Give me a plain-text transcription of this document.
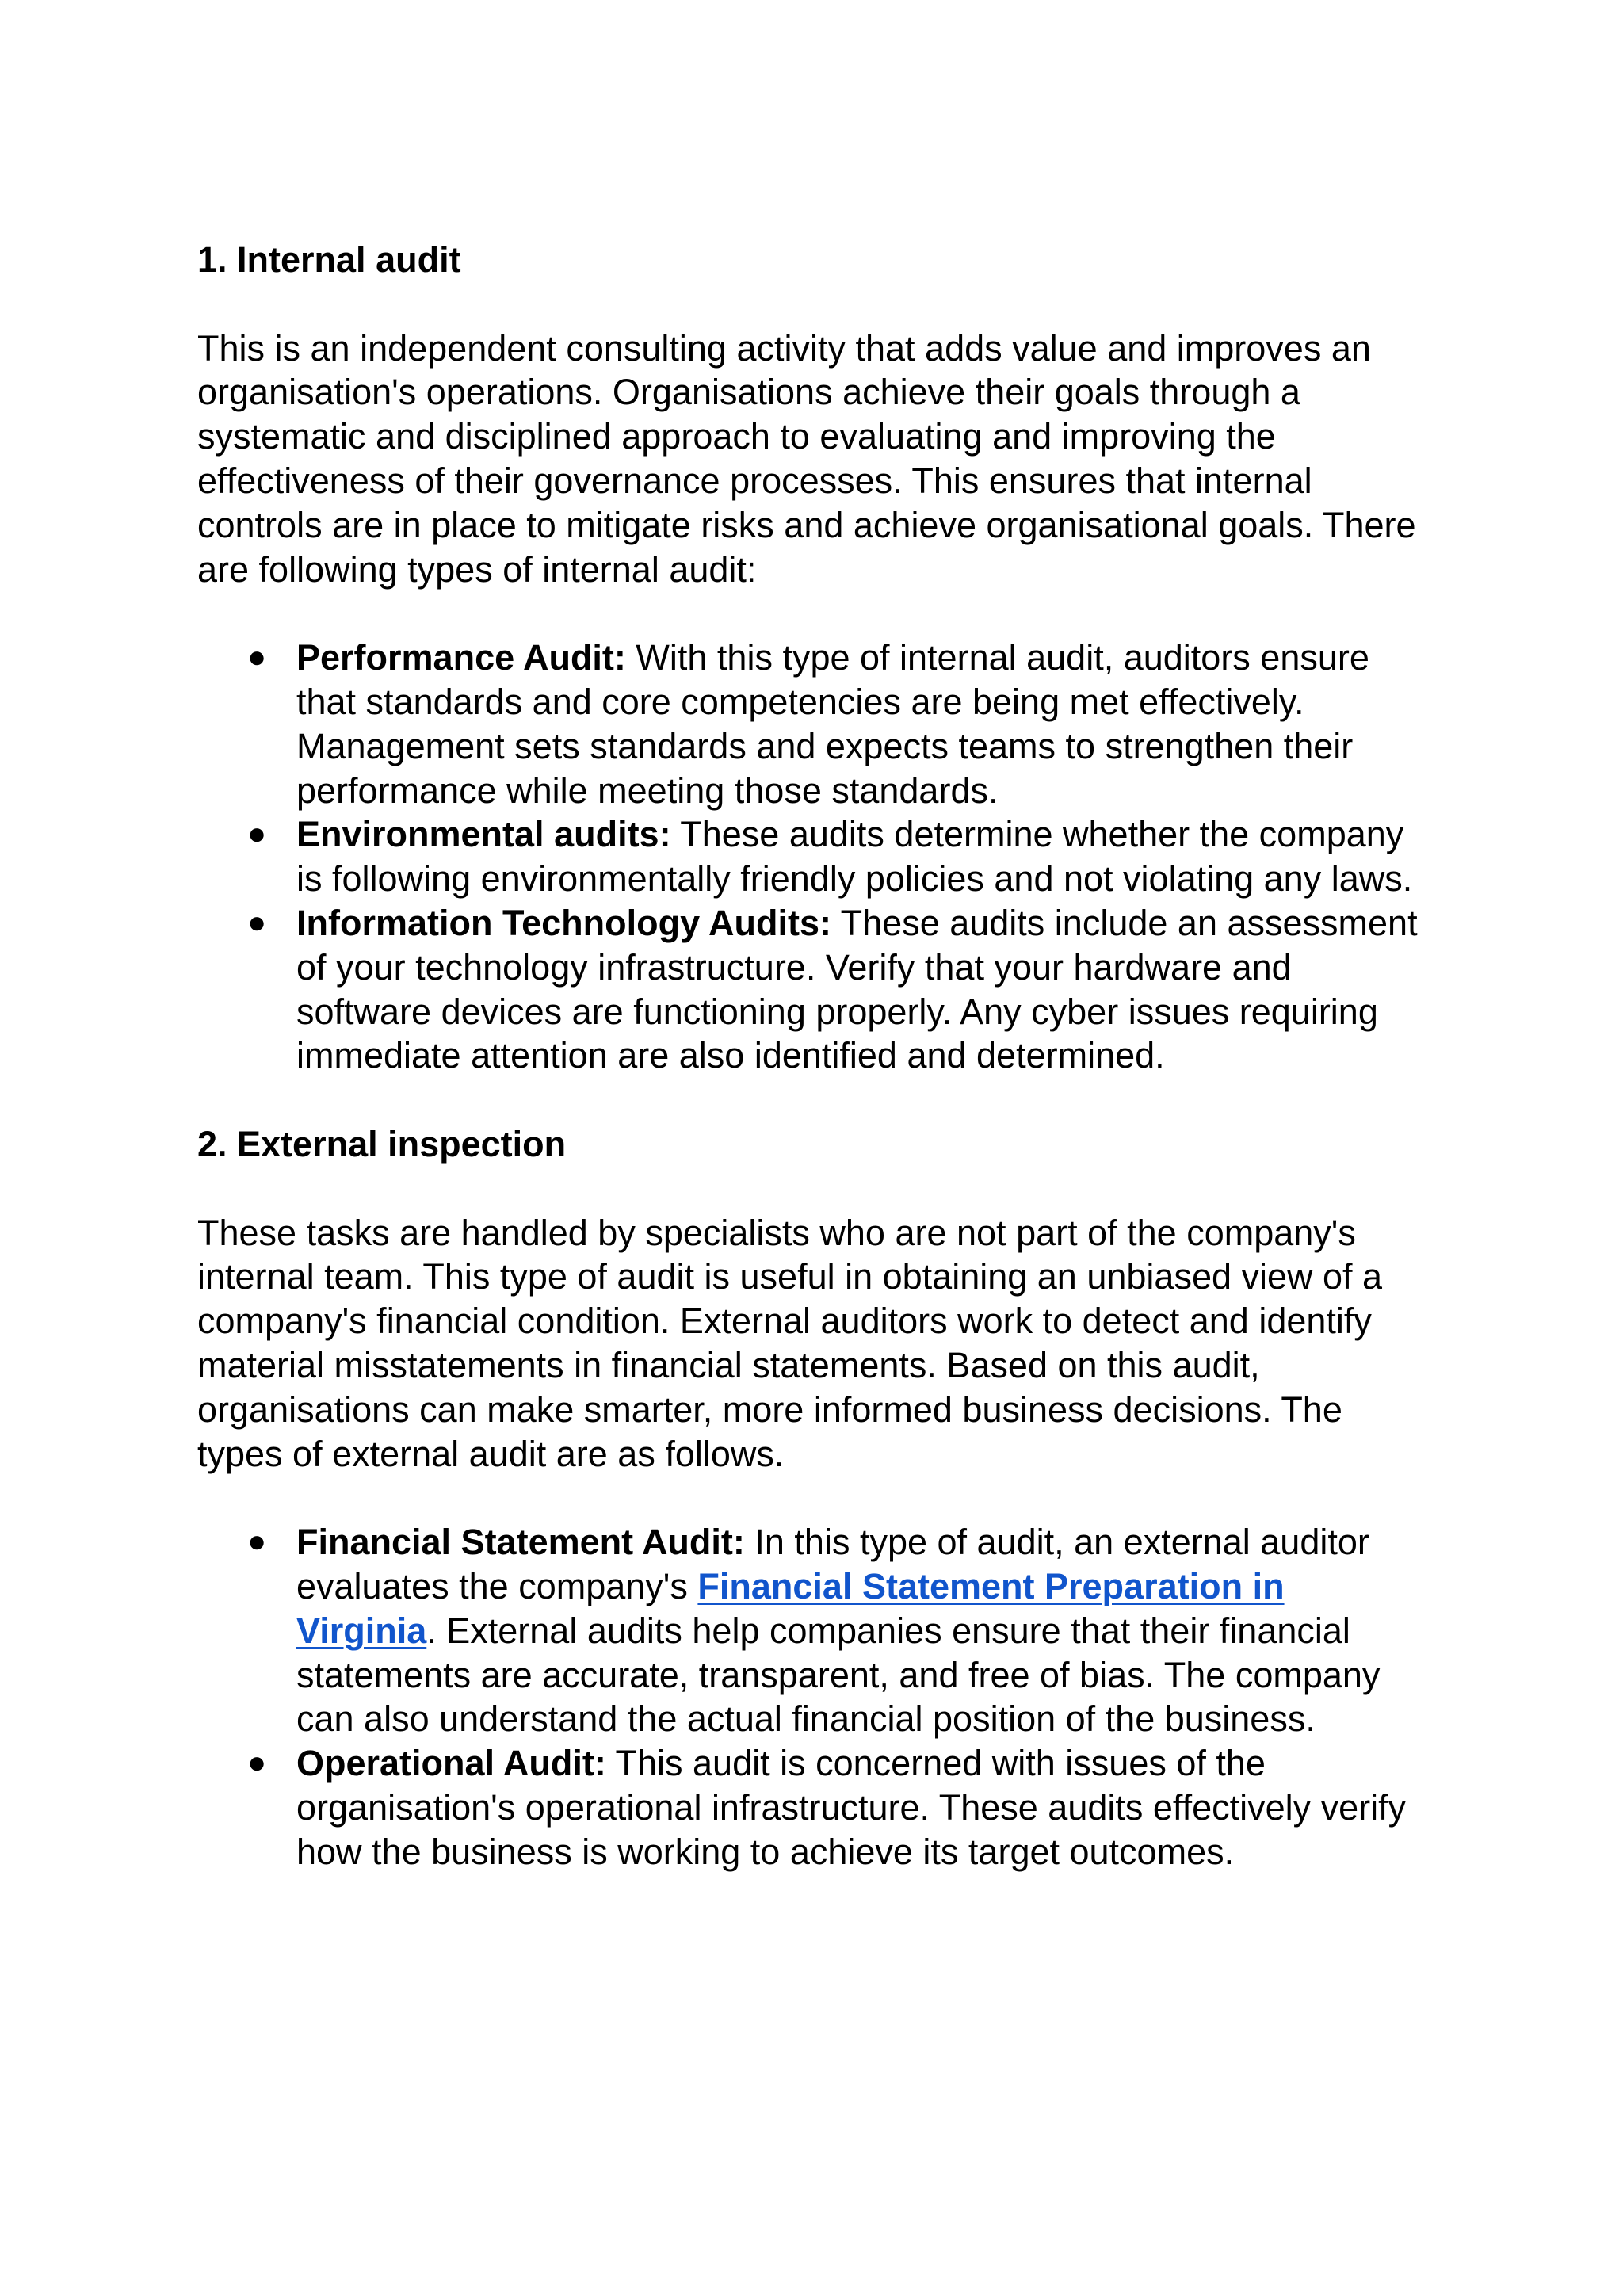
1. Internal audit

This is an independent consulting activity that adds value and improves an organisation's operations. Organisations achieve their goals through a systematic and disciplined approach to evaluating and improving the effectiveness of their governance processes. This ensures that internal controls are in place to mitigate risks and achieve organisational goals. There are following types of internal audit:

● Performance Audit: With this type of internal audit, auditors ensure that standards and core competencies are being met effectively. Management sets standards and expects teams to strengthen their performance while meeting those standards.
● Environmental audits: These audits determine whether the company is following environmentally friendly policies and not violating any laws.
● Information Technology Audits: These audits include an assessment of your technology infrastructure. Verify that your hardware and software devices are functioning properly. Any cyber issues requiring immediate attention are also identified and determined.
2. External inspection

These tasks are handled by specialists who are not part of the company's internal team. This type of audit is useful in obtaining an unbiased view of a company's financial condition. External auditors work to detect and identify material misstatements in financial statements. Based on this audit, organisations can make smarter, more informed business decisions. The types of external audit are as follows.

● Financial Statement Audit: In this type of audit, an external auditor evaluates the company's Financial Statement Preparation in Virginia. External audits help companies ensure that their financial statements are accurate, transparent, and free of bias. The company can also understand the actual financial position of the business.
● Operational Audit: This audit is concerned with issues of the organisation's operational infrastructure. These audits effectively verify how the business is working to achieve its target outcomes.
